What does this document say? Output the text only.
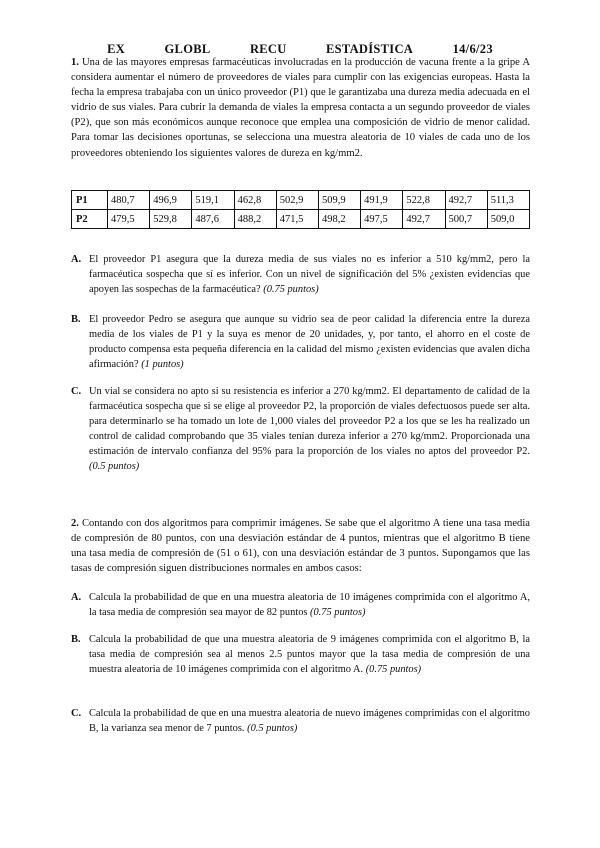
EX	GLOBL	RECU	ESTADÍSTICA	14/6/23
1. Una de las mayores empresas farmacéuticas involucradas en la producción de vacuna frente a la gripe A considera aumentar el número de proveedores de viales para cumplir con las exigencias europeas. Hasta la fecha la empresa trabajaba con un único proveedor (P1) que le garantizaba una dureza media adecuada en el vidrio de sus viales. Para cubrir la demanda de viales la empresa contacta a un segundo proveedor de viales (P2), que son más económicos aunque reconoce que emplea una composición de vidrio de menor calidad. Para tomar las decisiones oportunas, se selecciona una muestra aleatoria de 10 viales de cada uno de los proveedores obteniendo los siguientes valores de dureza en kg/mm2.
P1	480,7	496,9	519,1	462,8	502,9	509,9	491,9	522,8	492,7	511,3
P2	479,5	529,8	487,6	488,2	471,5	498,2	497,5	492,7	500,7	509,0
A. El proveedor P1 asegura que la dureza media de sus viales no es inferior a 510 kg/mm2, pero la farmacéutica sospecha que sí es inferior. Con un nivel de significación del 5% ¿existen evidencias que apoyen las sospechas de la farmacéutica? (0.75 puntos)
B. El proveedor Pedro se asegura que aunque su vidrio sea de peor calidad la diferencia entre la dureza media de los viales de P1 y la suya es menor de 20 unidades, y, por tanto, el ahorro en el coste de producto compensa esta pequeña diferencia en la calidad del mismo ¿existen evidencias que avalen dicha afirmación? (1 puntos)
C. Un vial se considera no apto si su resistencia es inferior a 270 kg/mm2. El departamento de calidad de la farmacéutica sospecha que si se elige al proveedor P2, la proporción de viales defectuosos puede ser alta. para determinarlo se ha tomado un lote de 1,000 viales del proveedor P2 a los que se les ha realizado un control de calidad comprobando que 35 viales tenían dureza inferior a 270 kg/mm2. Proporcionada una estimación de intervalo confianza del 95% para la proporción de los viales no aptos del proveedor P2. (0.5 puntos)
2. Contando con dos algoritmos para comprimir imágenes. Se sabe que el algoritmo A tiene una tasa media de compresión de 80 puntos, con una desviación estándar de 4 puntos, mientras que el algoritmo B tiene una tasa media de compresión de (51 o 61), con una desviación estándar de 3 puntos. Supongamos que las tasas de compresión siguen distribuciones normales en ambos casos:
A. Calcula la probabilidad de que en una muestra aleatoria de 10 imágenes comprimida con el algoritmo A, la tasa media de compresión sea mayor de 82 puntos (0.75 puntos)
B. Calcula la probabilidad de que una muestra aleatoria de 9 imágenes comprimida con el algoritmo B, la tasa media de compresión sea al menos 2.5 puntos mayor que la tasa media de compresión de una muestra aleatoria de 10 imágenes comprimida con el algoritmo A. (0.75 puntos)
C. Calcula la probabilidad de que en una muestra aleatoria de nuevo imágenes comprimidas con el algoritmo B, la varianza sea menor de 7 puntos. (0.5 puntos)
